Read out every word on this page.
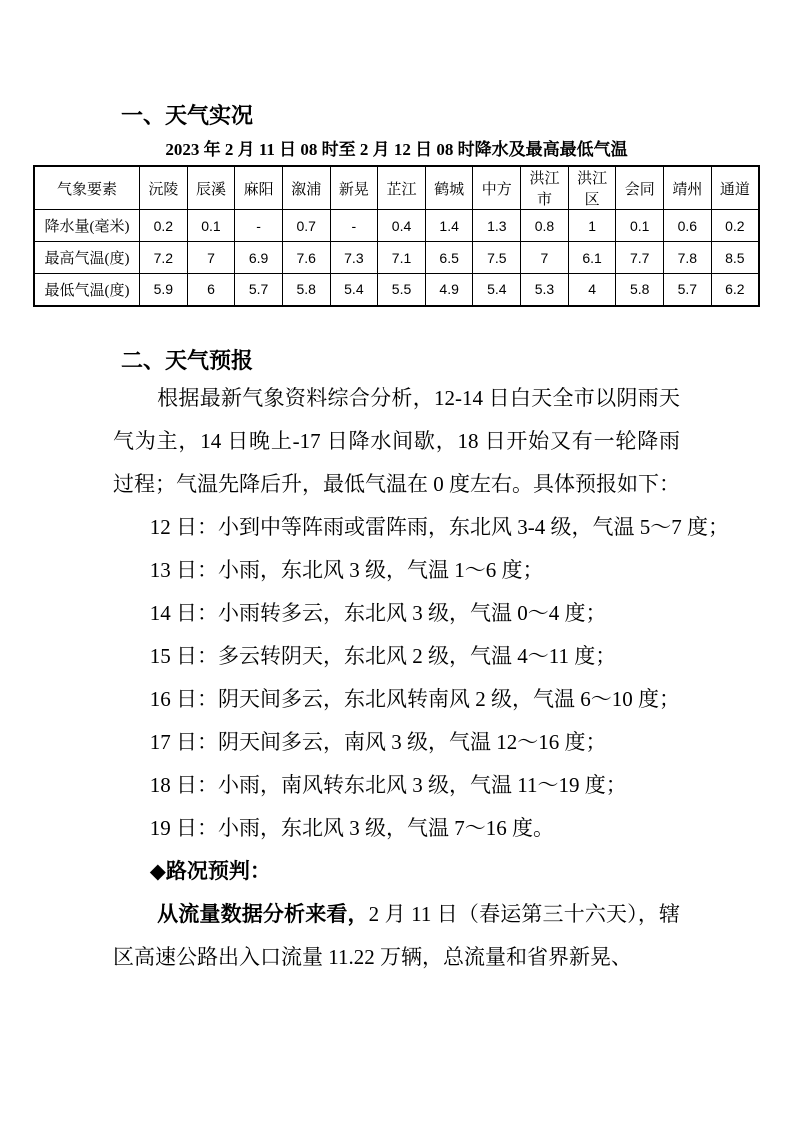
一、天气实况
2023 年 2 月 11 日 08 时至 2 月 12 日 08 时降水及最高最低气温
气象要素	沅陵	辰溪	麻阳	溆浦	新晃	芷江	鹤城	中方	洪江市	洪江区	会同	靖州	通道
降水量(毫米)	0.2	0.1	-	0.7	-	0.4	1.4	1.3	0.8	1	0.1	0.6	0.2
最高气温(度)	7.2	7	6.9	7.6	7.3	7.1	6.5	7.5	7	6.1	7.7	7.8	8.5
最低气温(度)	5.9	6	5.7	5.8	5.4	5.5	4.9	5.4	5.3	4	5.8	5.7	6.2
二、天气预报

根据最新气象资料综合分析，12-14 日白天全市以阴雨天气为主，14 日晚上-17 日降水间歇，18 日开始又有一轮降雨过程；气温先降后升，最低气温在 0 度左右。具体预报如下：

12 日：小到中等阵雨或雷阵雨，东北风 3-4 级，气温 5～7 度；

13 日：小雨，东北风 3 级，气温 1～6 度；

14 日：小雨转多云，东北风 3 级，气温 0～4 度；

15 日：多云转阴天，东北风 2 级，气温 4～11 度；

16 日：阴天间多云，东北风转南风 2 级，气温 6～10 度；

17 日：阴天间多云，南风 3 级，气温 12～16 度；

18 日：小雨，南风转东北风 3 级，气温 11～19 度；

19 日：小雨，东北风 3 级，气温 7～16 度。

◆路况预判：

从流量数据分析来看，2 月 11 日（春运第三十六天），辖区高速公路出入口流量 11.22 万辆，总流量和省界新晃、
